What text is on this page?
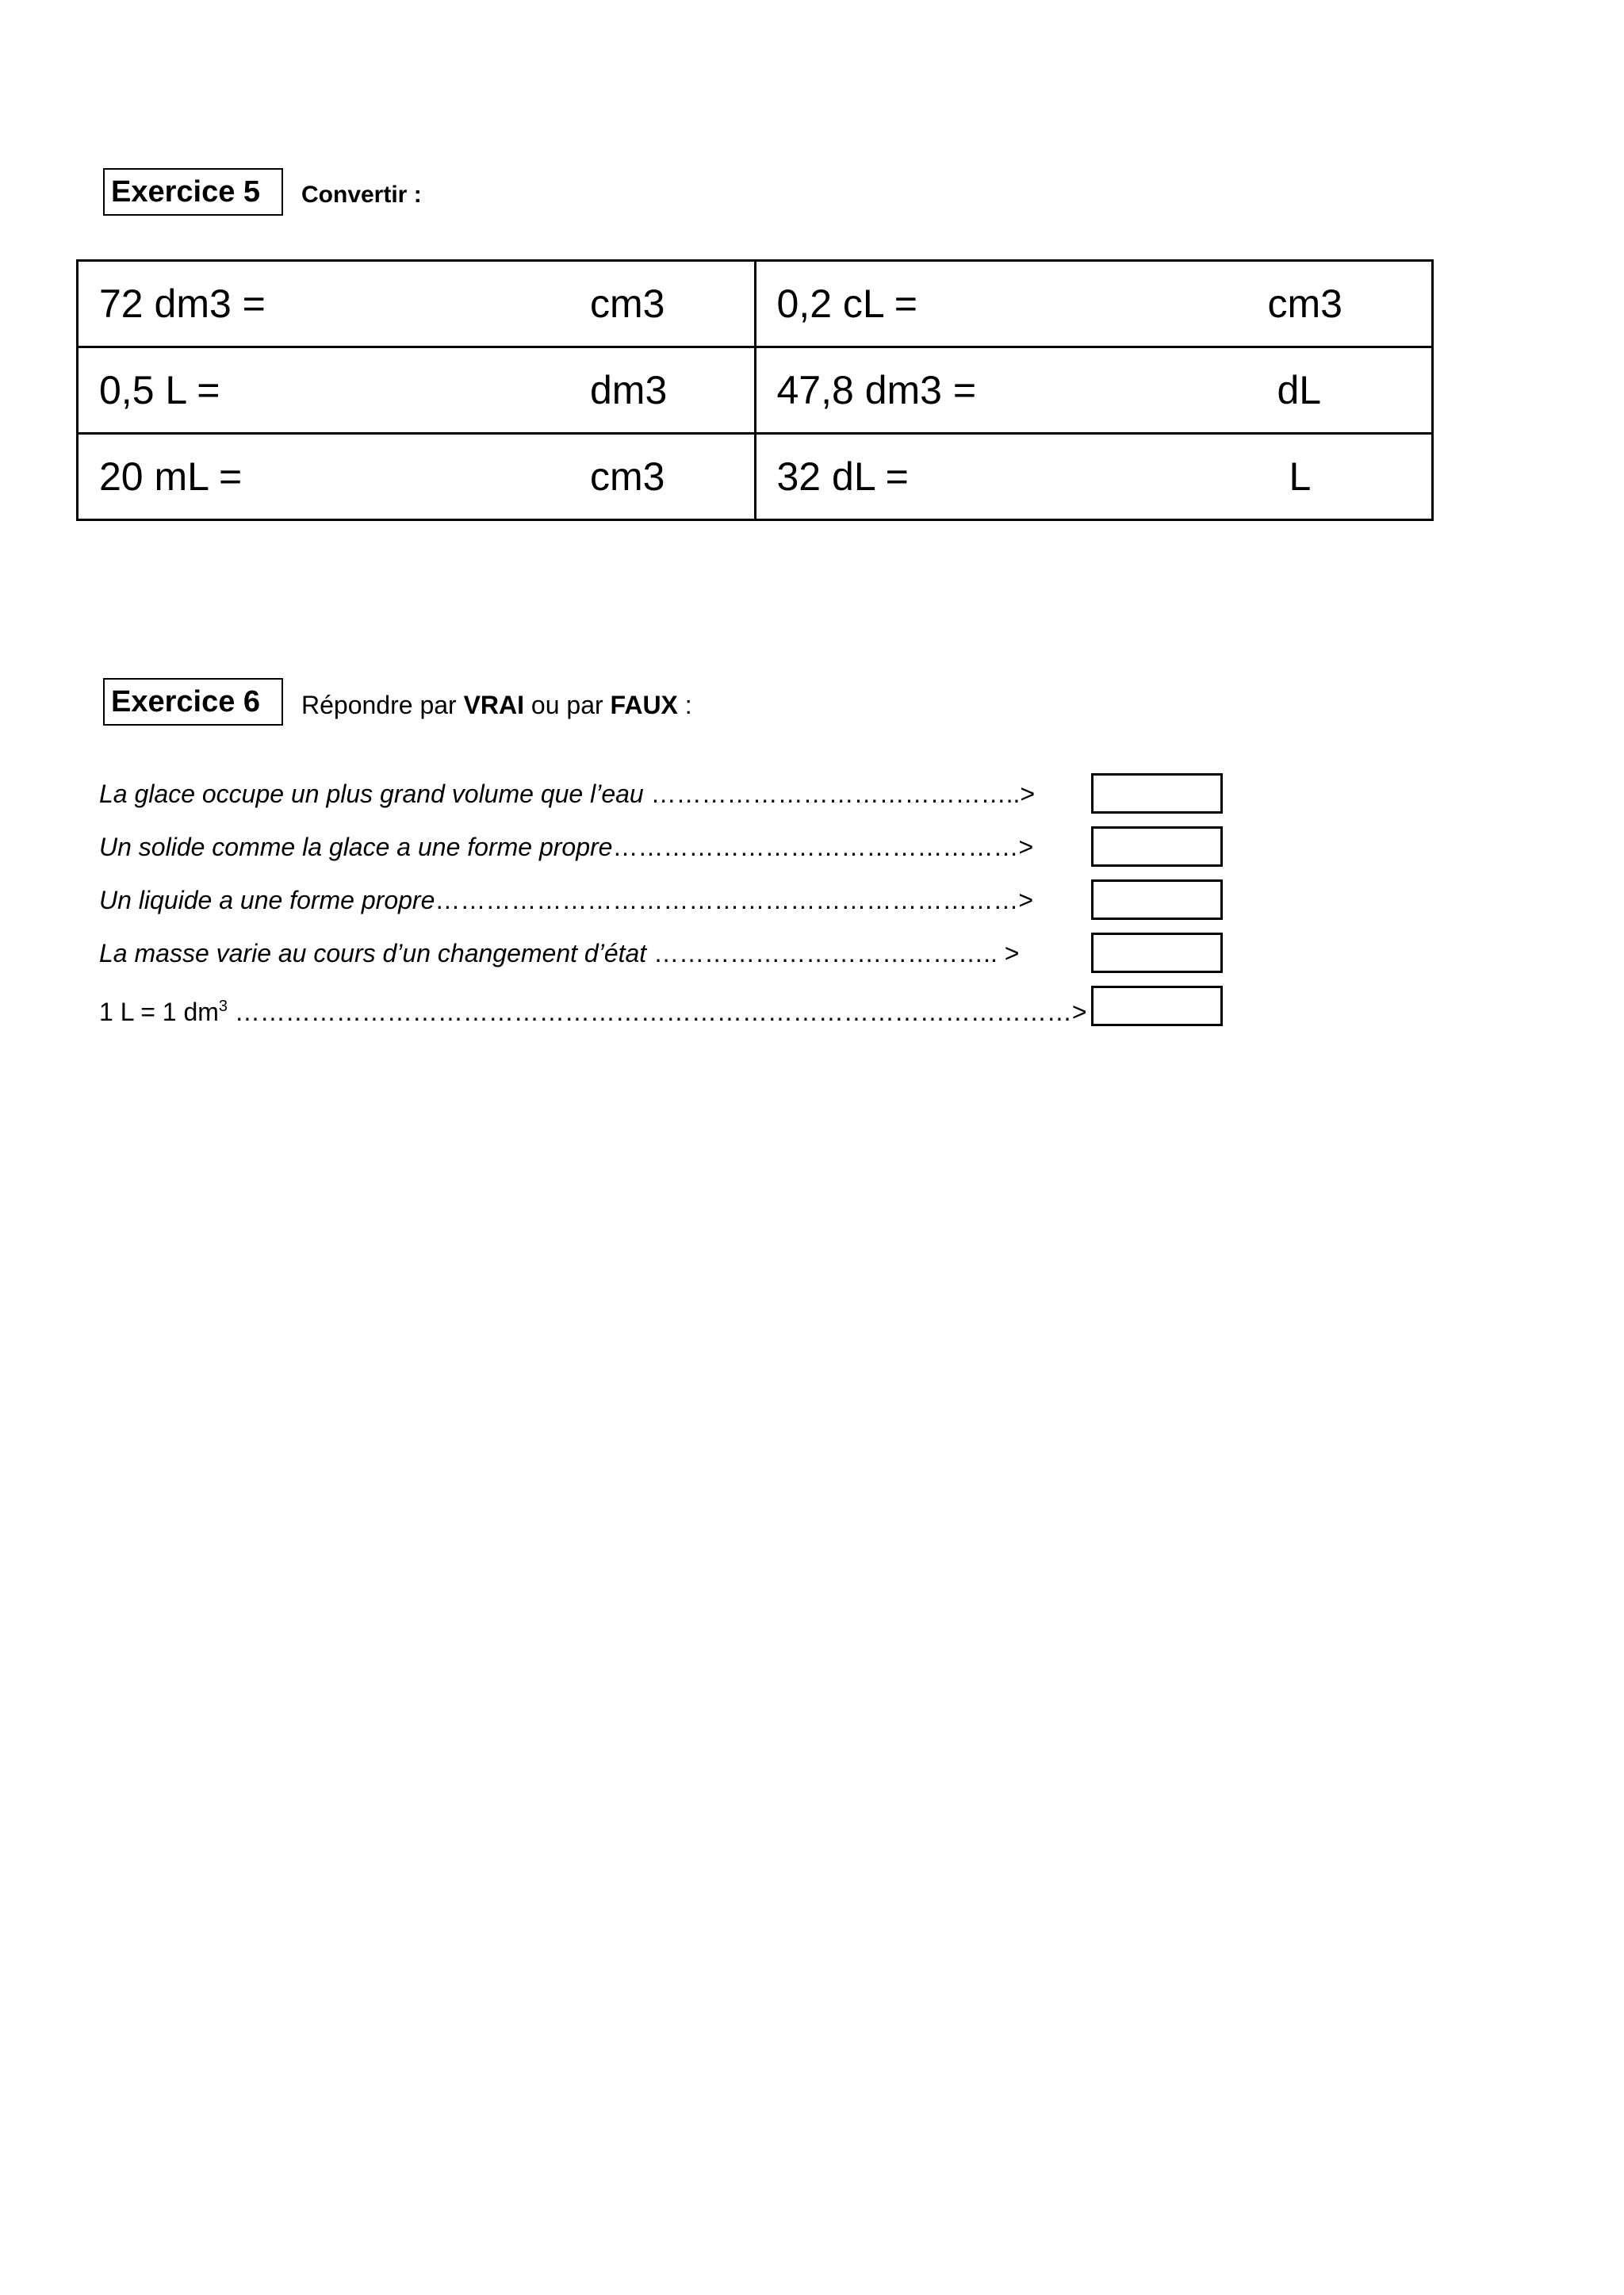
Exercice 5	Convertir :
72 dm3 = cm3	0,2 cL = cm3

0,5 L = dm3	47,8 dm3 = dL

20 mL = cm3	32 dL = L
Exercice 6	Répondre par VRAI ou par FAUX :
La glace occupe un plus grand volume que l’eau ……………………………………..>
Un solide comme la glace a une forme propre…………………………………………>
Un liquide a une forme propre……………………………………………………………>
La masse varie au cours d’un changement d’état ………………………………….. >
1 L = 1 $dm^3$ ………………………………………………………………………………………>
